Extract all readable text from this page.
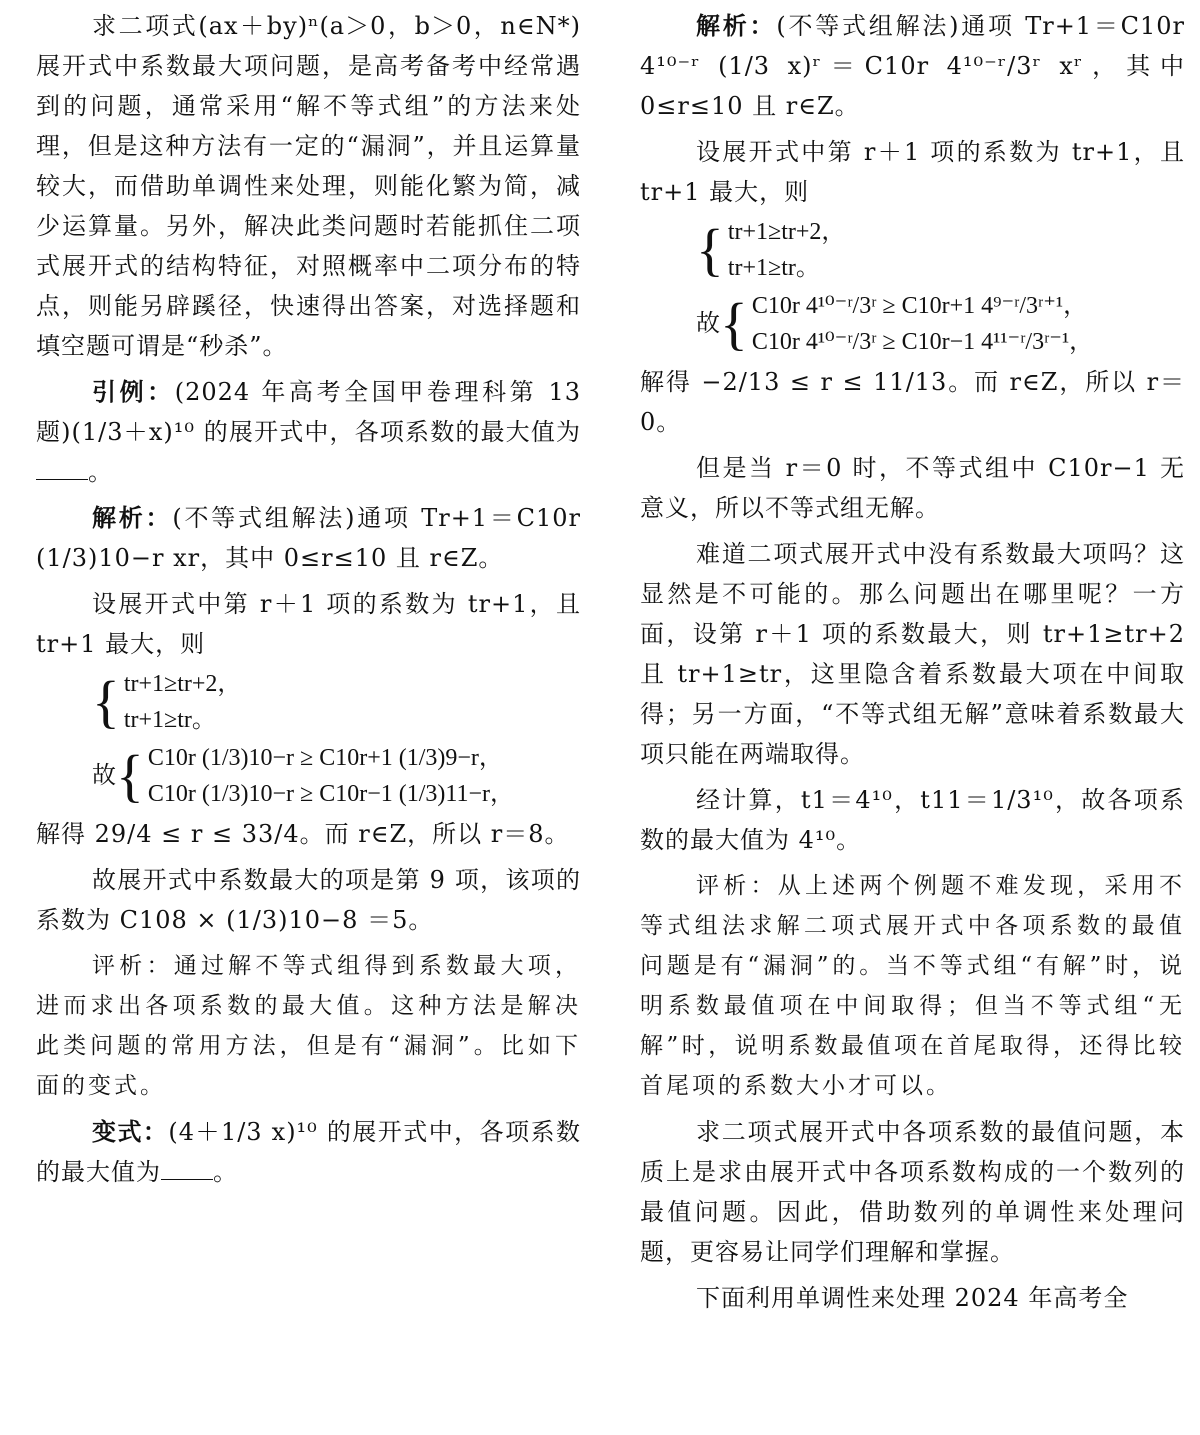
求二项式(ax＋by)ⁿ(a＞0，b＞0，n∈N*)展开式中系数最大项问题，是高考备考中经常遇到的问题，通常采用“解不等式组”的方法来处理，但是这种方法有一定的“漏洞”，并且运算量较大，而借助单调性来处理，则能化繁为简，减少运算量。另外，解决此类问题时若能抓住二项式展开式的结构特征，对照概率中二项分布的特点，则能另辟蹊径，快速得出答案，对选择题和填空题可谓是“秒杀”。

引例：(2024 年高考全国甲卷理科第 13 题)(1/3＋x)¹⁰ 的展开式中，各项系数的最大值为。

解析：(不等式组解法)通项 Tr+1＝C10r (1/3)10−r xr，其中 0≤r≤10 且 r∈Z。

设展开式中第 r＋1 项的系数为 tr+1，且 tr+1 最大，则

{ tr+1≥tr+2，
tr+1≥tr。
故 { C10r (1/3)10−r ≥ C10r+1 (1/3)9−r，
C10r (1/3)10−r ≥ C10r−1 (1/3)11−r，

解得 29/4 ≤ r ≤ 33/4。而 r∈Z，所以 r＝8。

故展开式中系数最大的项是第 9 项，该项的系数为 C108 × (1/3)10−8 ＝5。

评析：通过解不等式组得到系数最大项，进而求出各项系数的最大值。这种方法是解决此类问题的常用方法，但是有“漏洞”。比如下面的变式。

变式：(4＋1/3 x)¹⁰ 的展开式中，各项系数的最大值为 。

解析：(不等式组解法)通项 Tr+1＝C10r 4¹⁰⁻ʳ (1/3 x)ʳ＝C10r 4¹⁰⁻ʳ/3ʳ xʳ，其中 0≤r≤10 且 r∈Z。

设展开式中第 r＋1 项的系数为 tr+1，且 tr+1 最大，则

{ tr+1≥tr+2，
tr+1≥tr。
故 { C10r 4¹⁰⁻ʳ/3ʳ ≥ C10r+1 4⁹⁻ʳ/3ʳ⁺¹，
C10r 4¹⁰⁻ʳ/3ʳ ≥ C10r−1 4¹¹⁻ʳ/3ʳ⁻¹，

解得 −2/13 ≤ r ≤ 11/13。而 r∈Z，所以 r＝0。

但是当 r＝0 时，不等式组中 C10r−1 无意义，所以不等式组无解。

难道二项式展开式中没有系数最大项吗？这显然是不可能的。那么问题出在哪里呢？一方面，设第 r＋1 项的系数最大，则 tr+1≥tr+2 且 tr+1≥tr，这里隐含着系数最大项在中间取得；另一方面，“不等式组无解”意味着系数最大项只能在两端取得。

经计算，t1＝4¹⁰，t11＝1/3¹⁰，故各项系数的最大值为 4¹⁰。

评析：从上述两个例题不难发现，采用不等式组法求解二项式展开式中各项系数的最值问题是有“漏洞”的。当不等式组“有解”时，说明系数最值项在中间取得；但当不等式组“无解”时，说明系数最值项在首尾取得，还得比较首尾项的系数大小才可以。

求二项式展开式中各项系数的最值问题，本质上是求由展开式中各项系数构成的一个数列的最值问题。因此，借助数列的单调性来处理问题，更容易让同学们理解和掌握。

下面利用单调性来处理 2024 年高考全
